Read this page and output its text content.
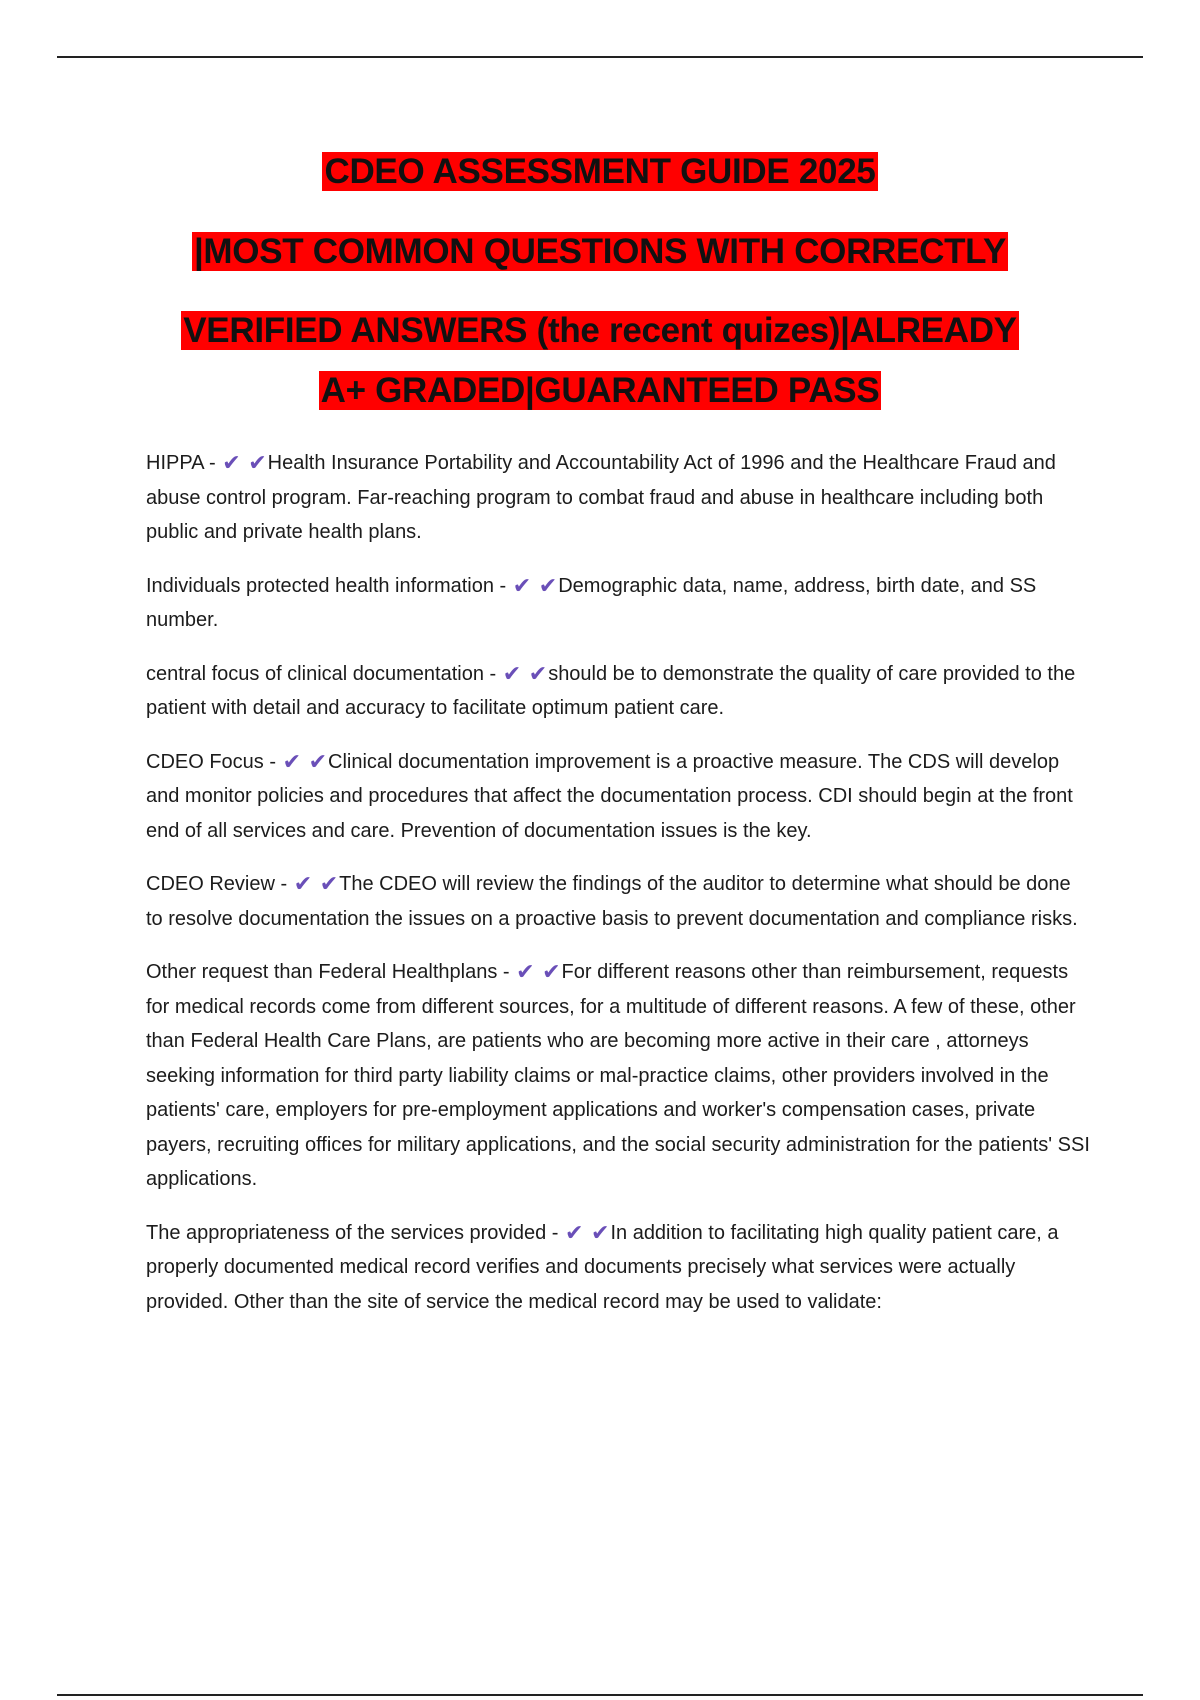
CDEO ASSESSMENT GUIDE 2025
|MOST COMMON QUESTIONS WITH CORRECTLY
VERIFIED ANSWERS (the recent quizes)|ALREADY
A+ GRADED|GUARANTEED PASS

HIPPA - ✔ ✔Health Insurance Portability and Accountability Act of 1996 and the Healthcare Fraud and abuse control program. Far-reaching program to combat fraud and abuse in healthcare including both public and private health plans.

Individuals protected health information - ✔ ✔Demographic data, name, address, birth date, and SS number.

central focus of clinical documentation - ✔ ✔should be to demonstrate the quality of care provided to the patient with detail and accuracy to facilitate optimum patient care.

CDEO Focus - ✔ ✔Clinical documentation improvement is a proactive measure. The CDS will develop and monitor policies and procedures that affect the documentation process. CDI should begin at the front end of all services and care. Prevention of documentation issues is the key.

CDEO Review - ✔ ✔The CDEO will review the findings of the auditor to determine what should be done to resolve documentation the issues on a proactive basis to prevent documentation and compliance risks.

Other request than Federal Healthplans - ✔ ✔For different reasons other than reimbursement, requests for medical records come from different sources, for a multitude of different reasons. A few of these, other than Federal Health Care Plans, are patients who are becoming more active in their care , attorneys seeking information for third party liability claims or mal-practice claims, other providers involved in the patients' care, employers for pre-employment applications and worker's compensation cases, private payers, recruiting offices for military applications, and the social security administration for the patients' SSI applications.

The appropriateness of the services provided - ✔ ✔In addition to facilitating high quality patient care, a properly documented medical record verifies and documents precisely what services were actually provided. Other than the site of service the medical record may be used to validate:
